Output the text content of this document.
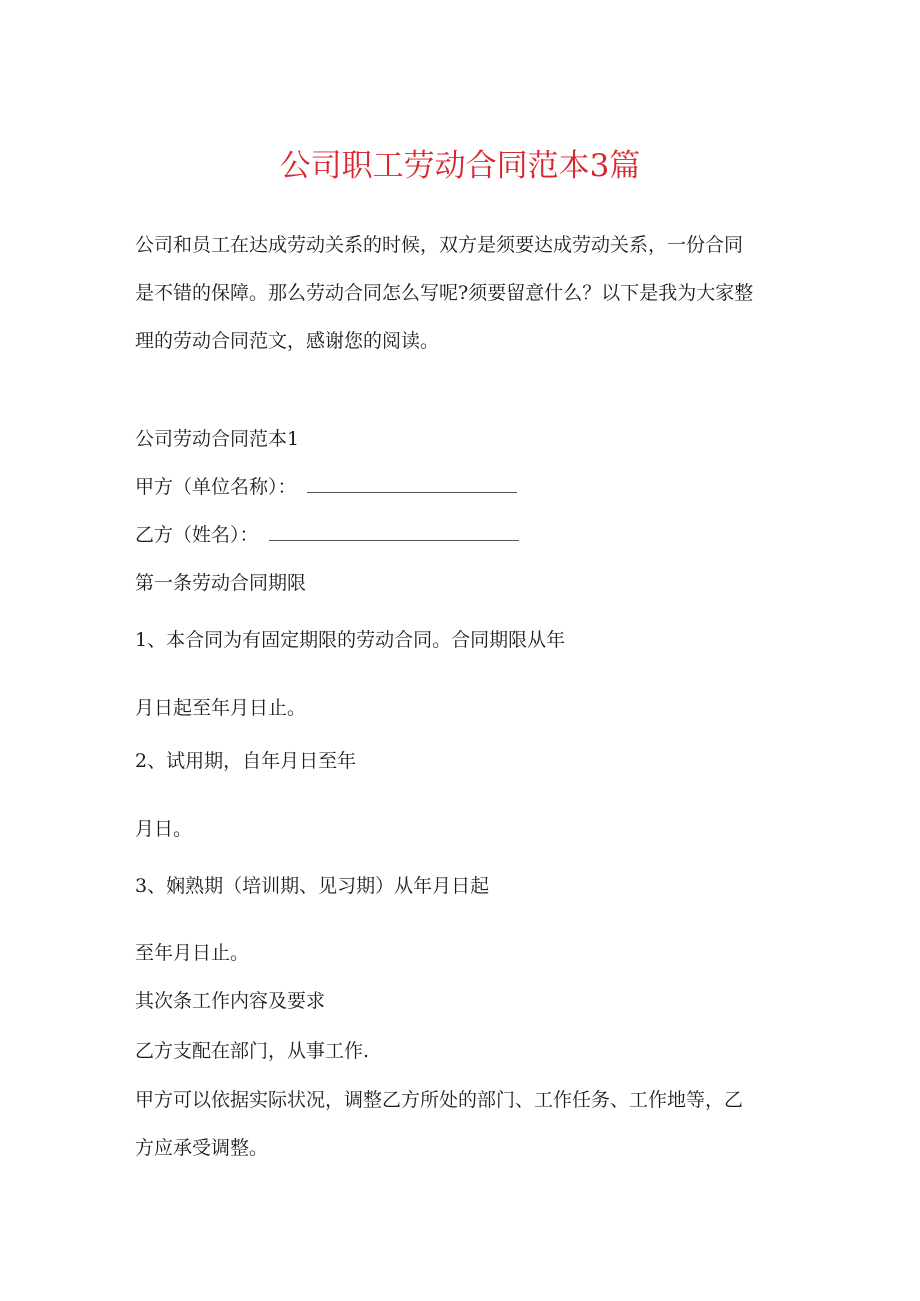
公司职工劳动合同范本3篇
公司和员工在达成劳动关系的时候，双方是须要达成劳动关系，一份合同
是不错的保障。那么劳动合同怎么写呢?须要留意什么？以下是我为大家整
理的劳动合同范文，感谢您的阅读。
公司劳动合同范本1
甲方（单位名称）：
乙方（姓名）：
第一条劳动合同期限
1、本合同为有固定期限的劳动合同。合同期限从年
月日起至年月日止。
2、试用期，自年月日至年
月日。
3、娴熟期（培训期、见习期）从年月日起
至年月日止。
其次条工作内容及要求
乙方支配在部门，从事工作.
甲方可以依据实际状况，调整乙方所处的部门、工作任务、工作地等，乙
方应承受调整。
